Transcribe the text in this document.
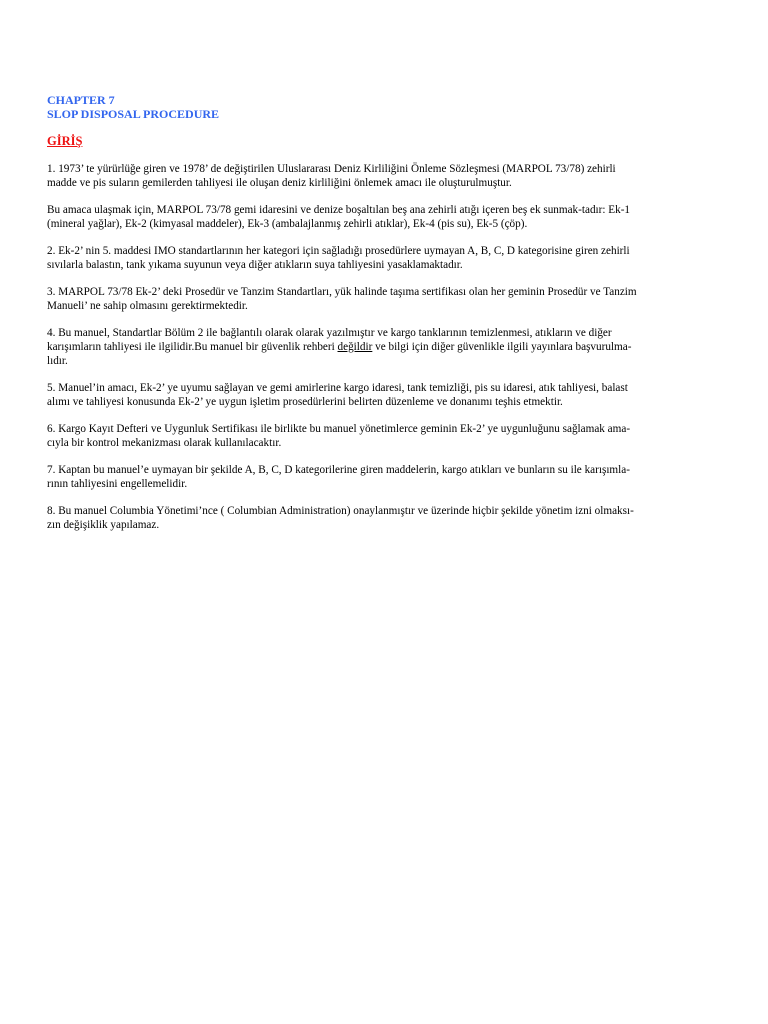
CHAPTER 7
SLOP DISPOSAL PROCEDURE
GİRİŞ
1. 1973’ te yürürlüğe giren ve 1978’ de değiştirilen Uluslararası Deniz Kirliliğini Önleme Sözleşmesi (MARPOL 73/78) zehirli
madde ve pis suların gemilerden tahliyesi ile oluşan deniz kirliliğini önlemek amacı ile oluşturulmuştur.
Bu amaca ulaşmak için, MARPOL 73/78 gemi idaresini ve denize boşaltılan beş ana zehirli atığı içeren beş ek sunmak-tadır: Ek-1
(mineral yağlar), Ek-2 (kimyasal maddeler), Ek-3 (ambalajlanmış zehirli atıklar), Ek-4 (pis su), Ek-5 (çöp).
2. Ek-2’ nin 5. maddesi IMO standartlarının her kategori için sağladığı prosedürlere uymayan A, B, C, D kategorisine giren zehirli
sıvılarla balastın, tank yıkama suyunun veya diğer atıkların suya tahliyesini yasaklamaktadır.
3. MARPOL 73/78 Ek-2’ deki Prosedür ve Tanzim Standartları, yük halinde taşıma sertifikası olan her geminin Prosedür ve Tanzim
Manueli’ ne sahip olmasını gerektirmektedir.
4. Bu manuel, Standartlar Bölüm 2 ile bağlantılı olarak olarak yazılmıştır ve kargo tanklarının temizlenmesi, atıkların ve diğer
karışımların tahliyesi ile ilgilidir.Bu manuel bir güvenlik rehberi değildir ve bilgi için diğer güvenlikle ilgili yayınlara başvurulma-
lıdır.
5. Manuel’in amacı, Ek-2’ ye uyumu sağlayan ve gemi amirlerine kargo idaresi, tank temizliği, pis su idaresi, atık tahliyesi, balast
alımı ve tahliyesi konusunda Ek-2’ ye uygun işletim prosedürlerini belirten düzenleme ve donanımı teşhis etmektir.
6. Kargo Kayıt Defteri ve Uygunluk Sertifikası ile birlikte bu manuel yönetimlerce geminin Ek-2’ ye uygunluğunu sağlamak ama-
cıyla bir kontrol mekanizması olarak kullanılacaktır.
7. Kaptan bu manuel’e uymayan bir şekilde A, B, C, D kategorilerine giren maddelerin, kargo atıkları ve bunların su ile karışımla-
rının tahliyesini engellemelidir.
8. Bu manuel Columbia Yönetimi’nce ( Columbian Administration) onaylanmıştır ve üzerinde hiçbir şekilde yönetim izni olmaksı-
zın değişiklik yapılamaz.
